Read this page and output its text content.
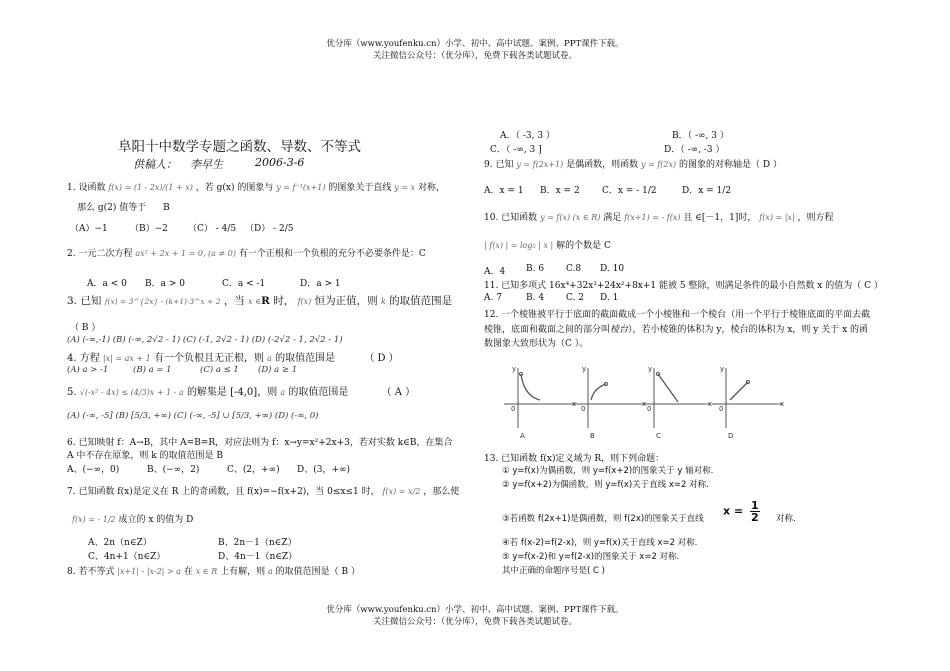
优分库（www.youfenku.cn）小学、初中、高中试题、案例、PPT课件下载。
关注微信公众号：（优分库），免费下载各类试题试卷。
阜阳十中数学专题之函数、导数、不等式
供稿人： 李早生	2006-3-6
1. 设函数 f(x) = (1 - 2x)/(1 + x) ，若 g(x) 的图象与 y = f⁻¹(x+1) 的图象关于直线 y = x 对称，
那么 g(2) 值等于 B
（A）−1 （B）−2 （C） - 4/5 （D） - 2/5
2. 一元二次方程 ax² + 2x + 1 = 0, (a ≠ 0) 有一个正根和一个负根的充分不必要条件是：C
A．a < 0 B．a > 0	C．a < -1	D．a > 1
3. 已知 f(x) = 3^{2x} - (k+1)·3^x + 2 ，当 x ∈R 时， f(x) 恒为正值，则 k 的取值范围是
（ B ）
(A) (-∞,-1) (B) (-∞, 2√2 - 1) (C) (-1, 2√2 - 1) (D) (-2√2 - 1, 2√2 - 1)
4. 方程 |x| = ax + 1 有一个负根且无正根，则 a 的取值范围是	（ D ）
(A) a > -1	(B) a = 1	(C) a ≤ 1 (D) a ≥ 1
5. √(-x² - 4x) ≤ (4/3)x + 1 - a 的解集是 [-4,0]，则 a 的取值范围是	（ A ）
(A) (-∞, -5] (B) [5/3, +∞) (C) (-∞, -5] ∪ [5/3, +∞) (D) (-∞, 0)
6. 已知映射 f：A→B，其中 A=B=R，对应法则为 f：x→y=x²+2x+3，若对实数 k∈B，在集合
A 中不存在原象，则 k 的取值范围是 B
A、(−∞，0)	B、(−∞，2)	C、(2，+∞) D、(3，+∞)
7. 已知函数 f(x)是定义在 R 上的奇函数，且 f(x)=−f(x+2)，当 0≤x≤1 时， f(x) = x/2 ，那么使
f(x) = - 1/2 成立的 x 的值为 D
A、2n（n∈Z）	B、2n－1（n∈Z）
C、4n+1（n∈Z）	D、4n－1（n∈Z）
8. 若不等式 |x+1| - |x-2| > a 在 x ∈ R 上有解，则 a 的取值范围是（ B ）
A．（ -3, 3 ）	B．（ -∞, 3 ）
C．（ -∞, 3 ]	D．（ -∞, -3 ）
9. 已知 y = f(2x+1) 是偶函数，则函数 y = f(2x) 的图象的对称轴是（ D ）
A．x = 1 B．x = 2 C．x = - 1/2	D．x = 1/2
10. 已知函数 y = f(x) (x ∈ R) 满足 f(x+1) = - f(x) 且 ∈[－1，1]时， f(x) = |x| ，则方程
| f(x) | = log₅ | x | 解的个数是 C
A．4 B. 6 C.8 D. 10
11. 已知多项式 16x⁴+32x³+24x²+8x+1 能被 5 整除，则满足条件的最小自然数 x 的值为（ C ）
A. 7	B. 4 C. 2 D. 1
12. 一个棱锥被平行于底面的截面截成一个小棱锥和一个棱台（用一个平行于棱锥底面的平面去截
棱锥，底面和截面之间的部分叫棱台），若小棱锥的体积为 y，棱台的体积为 x，则 y 关于 x 的函
数图象大致形状为（C ）。
y
x
0
A
y
x
0
B
y
x
0
C
y
x
0
D
13. 已知函数 f(x)定义域为 R，则下列命题：
① y=f(x)为偶函数，则 y=f(x+2)的图象关于 y 轴对称.
② y=f(x+2)为偶函数，则 y=f(x)关于直线 x=2 对称.
③若函数 f(2x+1)是偶函数，则 f(2x)的图象关于直线
$x = \frac{1}{2}$ 对称.
④若 f(x-2)=f(2-x)，则 y=f(x)关于直线 x=2 对称.
⑤ y=f(x-2)和 y=f(2-x)的图象关于 x=2 对称.
其中正确的命题序号是( C )
优分库（www.youfenku.cn）小学、初中、高中试题、案例、PPT课件下载。
关注微信公众号：（优分库），免费下载各类试题试卷。
